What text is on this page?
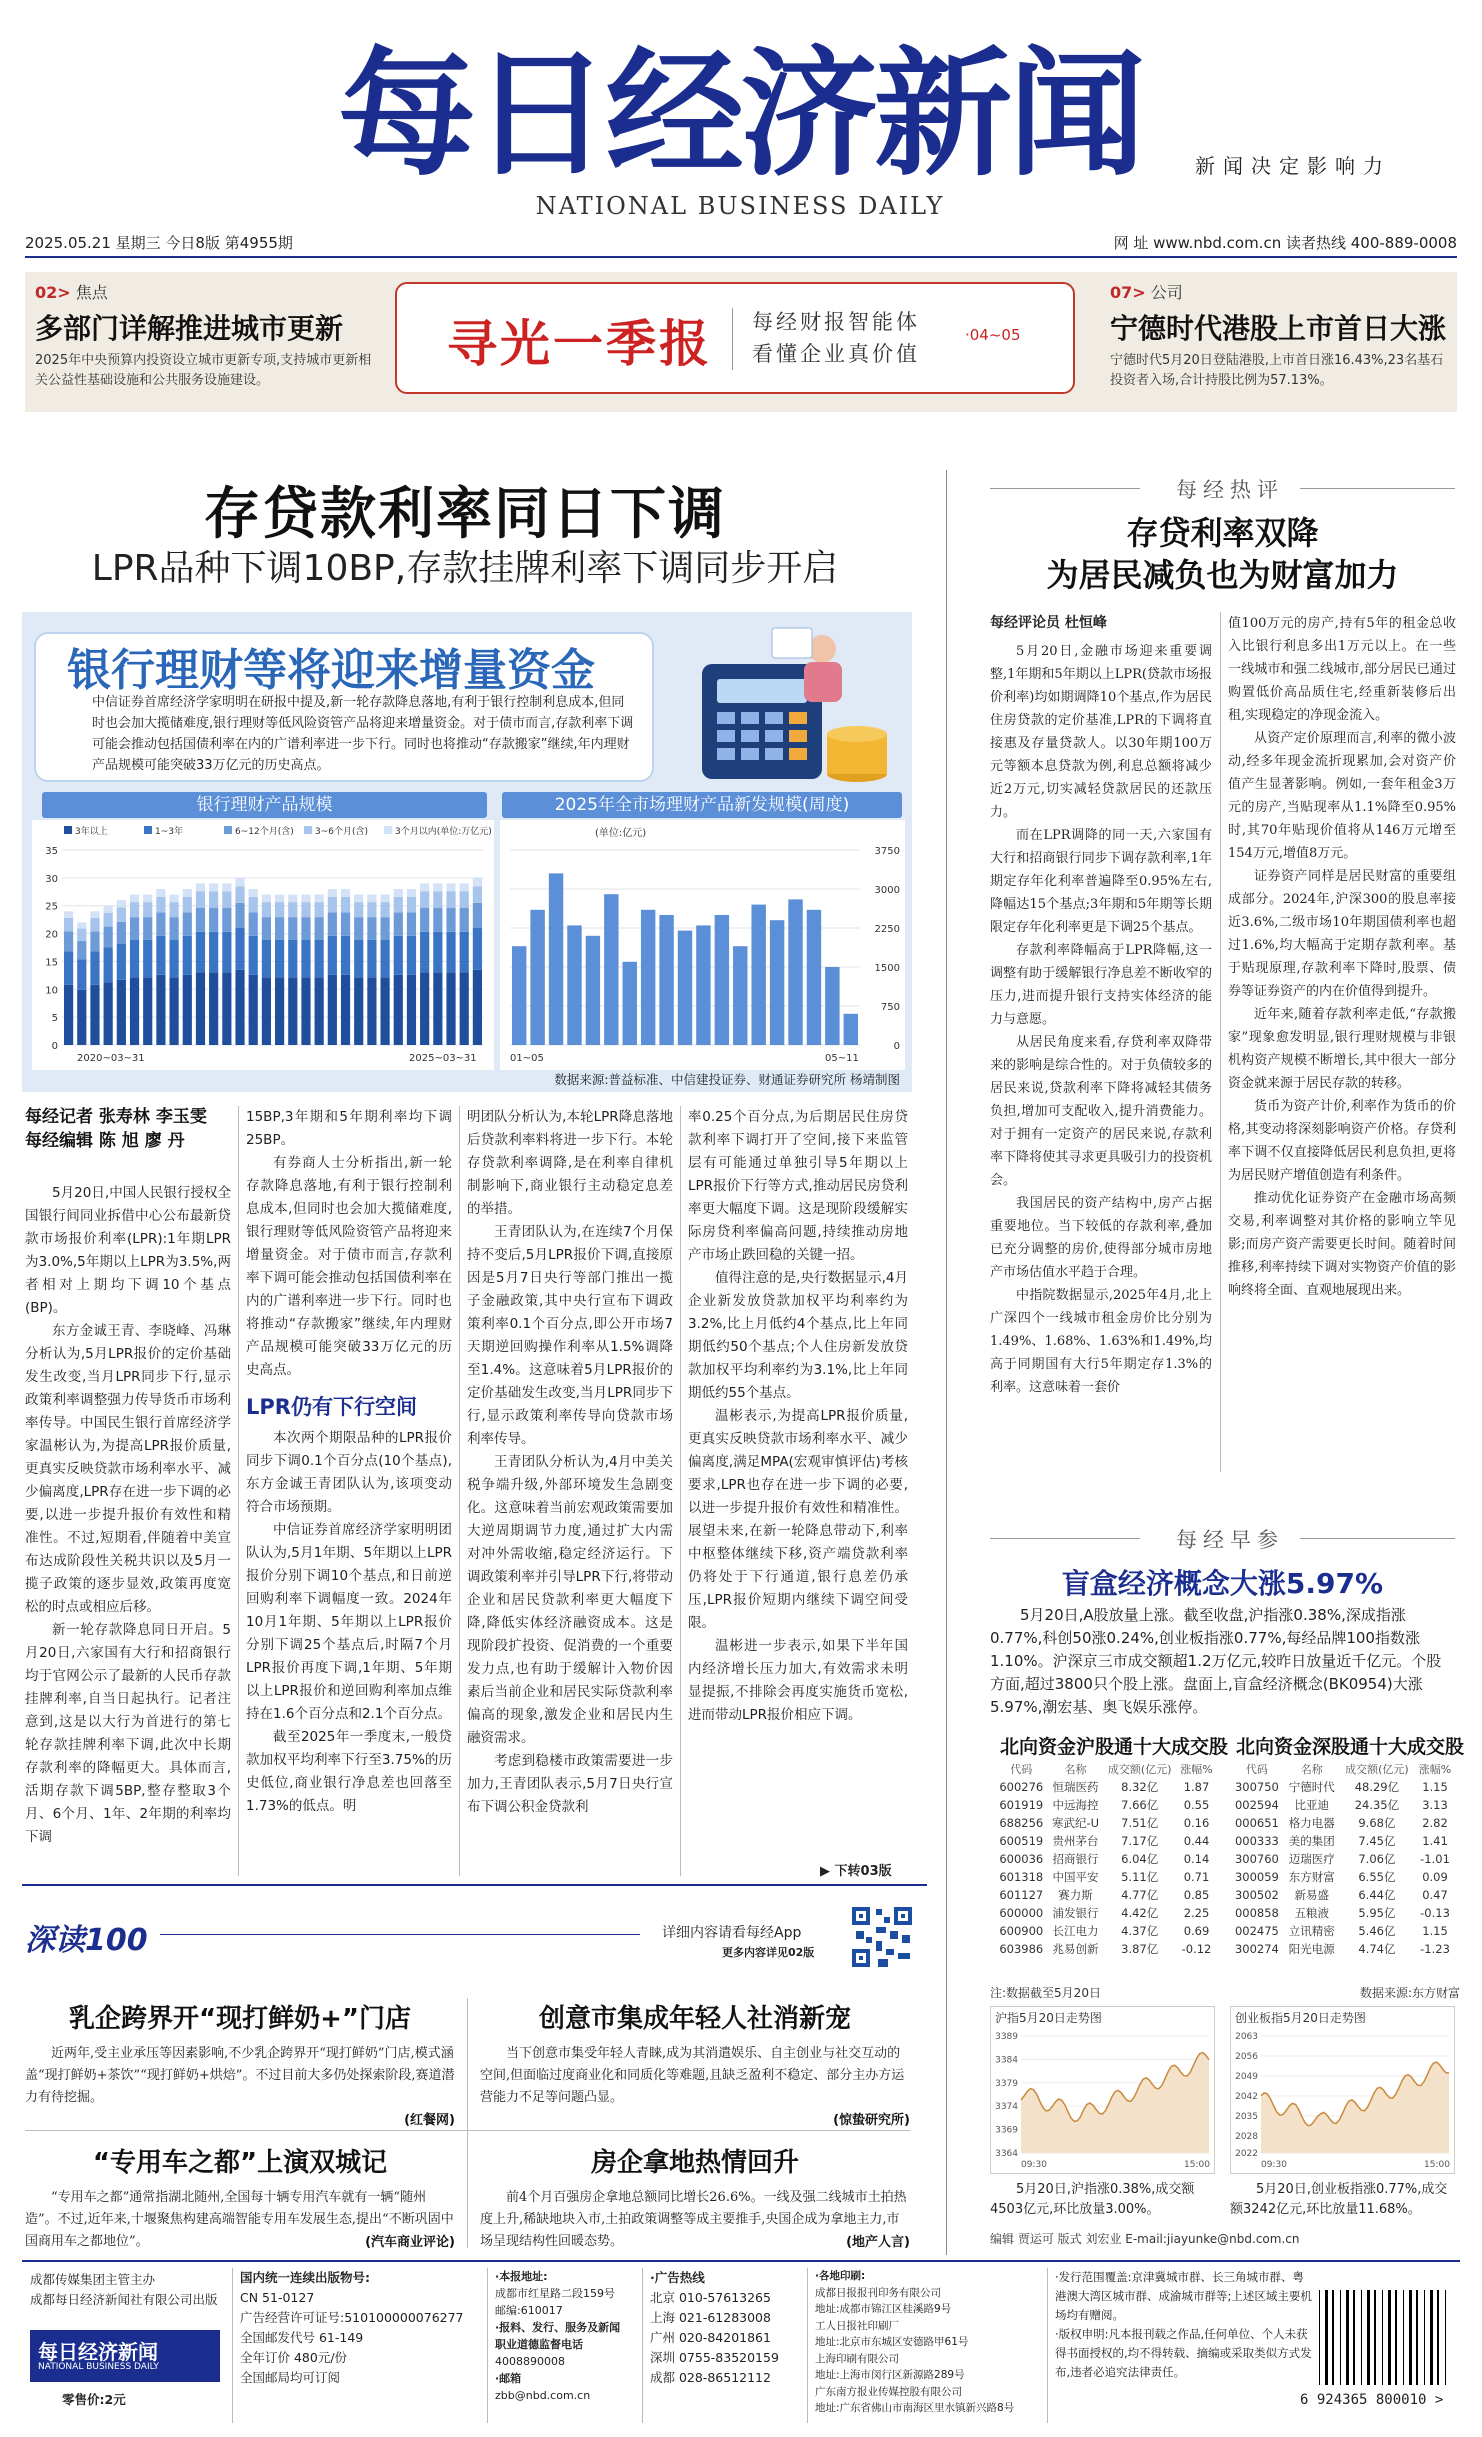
每日经济新闻
NATIONAL BUSINESS DAILY
新闻决定影响力
2025.05.21 星期三 今日8版 第4955期	网 址 www.nbd.com.cn 读者热线 400-889-0008
02> 焦点
多部门详解推进城市更新
2025年中央预算内投资设立城市更新专项,支持城市更新相关公益性基础设施和公共服务设施建设。
寻光一季报 每经财报智能体
看懂企业真价值
·04~05
07> 公司
宁德时代港股上市首日大涨
宁德时代5月20日登陆港股,上市首日涨16.43%,23名基石投资者入场,合计持股比例为57.13%。
存贷款利率同日下调
LPR品种下调10BP,存款挂牌利率下调同步开启
银行理财等将迎来增量资金
中信证券首席经济学家明明在研报中提及,新一轮存款降息落地,有利于银行控制利息成本,但同时也会加大揽储难度,银行理财等低风险资管产品将迎来增量资金。对于债市而言,存款利率下调可能会推动包括国债利率在内的广谱利率进一步下行。同时也将推动“存款搬家”继续,年内理财产品规模可能突破33万亿元的历史高点。
银行理财产品规模	2025年全市场理财产品新发规模(周度)
3年以上	1~3年	6~12个月(含) 3~6个月(含)	3个月以内(单位:万亿元)
0
5
10
15
20
25
30
35
2020~03~31	2025~03~31
(单位:亿元)
0
750
1500
2250
3000
3750
01~05	05~11
数据来源:普益标准、中信建投证券、财通证券研究所 杨靖制图
每经记者 张寿林 李玉雯
每经编辑 陈 旭 廖 丹

5月20日,中国人民银行授权全国银行间同业拆借中心公布最新贷款市场报价利率(LPR):1年期LPR为3.0%,5年期以上LPR为3.5%,两者相对上期均下调10个基点(BP)。

东方金诚王青、李晓峰、冯琳分析认为,5月LPR报价的定价基础发生改变,当月LPR同步下行,显示政策利率调整强力传导货币市场利率传导。中国民生银行首席经济学家温彬认为,为提高LPR报价质量,更真实反映贷款市场利率水平、减少偏离度,LPR存在进一步下调的必要,以进一步提升报价有效性和精准性。不过,短期看,伴随着中美宣布达成阶段性关税共识以及5月一揽子政策的逐步显效,政策再度宽松的时点或相应后移。

新一轮存款降息同日开启。5月20日,六家国有大行和招商银行均于官网公示了最新的人民币存款挂牌利率,自当日起执行。记者注意到,这是以大行为首进行的第七轮存款挂牌利率下调,此次中长期存款利率的降幅更大。具体而言,活期存款下调5BP,整存整取3个月、6个月、1年、2年期的利率均下调

15BP,3年期和5年期利率均下调25BP。

有券商人士分析指出,新一轮存款降息落地,有利于银行控制利息成本,但同时也会加大揽储难度,银行理财等低风险资管产品将迎来增量资金。对于债市而言,存款利率下调可能会推动包括国债利率在内的广谱利率进一步下行。同时也将推动“存款搬家”继续,年内理财产品规模可能突破33万亿元的历史高点。

LPR仍有下行空间

本次两个期限品种的LPR报价同步下调0.1个百分点(10个基点),东方金诚王青团队认为,该项变动符合市场预期。

中信证券首席经济学家明明团队认为,5月1年期、5年期以上LPR报价分别下调10个基点,和日前逆回购利率下调幅度一致。2024年10月1年期、5年期以上LPR报价分别下调25个基点后,时隔7个月LPR报价再度下调,1年期、5年期以上LPR报价和逆回购利率加点维持在1.6个百分点和2.1个百分点。

截至2025年一季度末,一般贷款加权平均利率下行至3.75%的历史低位,商业银行净息差也回落至1.73%的低点。明

明团队分析认为,本轮LPR降息落地后贷款利率料将进一步下行。本轮存贷款利率调降,是在利率自律机制影响下,商业银行主动稳定息差的举措。

王青团队认为,在连续7个月保持不变后,5月LPR报价下调,直接原因是5月7日央行等部门推出一揽子金融政策,其中央行宣布下调政策利率0.1个百分点,即公开市场7天期逆回购操作利率从1.5%调降至1.4%。这意味着5月LPR报价的定价基础发生改变,当月LPR同步下行,显示政策利率传导向贷款市场利率传导。

王青团队分析认为,4月中美关税争端升级,外部环境发生急剧变化。这意味着当前宏观政策需要加大逆周期调节力度,通过扩大内需对冲外需收缩,稳定经济运行。下调政策利率并引导LPR下行,将带动企业和居民贷款利率更大幅度下降,降低实体经济融资成本。这是现阶段扩投资、促消费的一个重要发力点,也有助于缓解计入物价因素后当前企业和居民实际贷款利率偏高的现象,激发企业和居民内生融资需求。

考虑到稳楼市政策需要进一步加力,王青团队表示,5月7日央行宣布下调公积金贷款利

率0.25个百分点,为后期居民住房贷款利率下调打开了空间,接下来监管层有可能通过单独引导5年期以上LPR报价下行等方式,推动居民房贷利率更大幅度下调。这是现阶段缓解实际房贷利率偏高问题,持续推动房地产市场止跌回稳的关键一招。

值得注意的是,央行数据显示,4月企业新发放贷款加权平均利率约为3.2%,比上月低约4个基点,比上年同期低约50个基点;个人住房新发放贷款加权平均利率约为3.1%,比上年同期低约55个基点。

温彬表示,为提高LPR报价质量,更真实反映贷款市场利率水平、减少偏离度,满足MPA(宏观审慎评估)考核要求,LPR也存在进一步下调的必要,以进一步提升报价有效性和精准性。展望未来,在新一轮降息带动下,利率中枢整体继续下移,资产端贷款利率仍将处于下行通道,银行息差仍承压,LPR报价短期内继续下调空间受限。

温彬进一步表示,如果下半年国内经济增长压力加大,有效需求未明显提振,不排除会再度实施货币宽松,进而带动LPR报价相应下调。

▶ 下转03版
每经热评
存贷利率双降
为居民减负也为财富加力
每经评论员 杜恒峰

5月20日,金融市场迎来重要调整,1年期和5年期以上LPR(贷款市场报价利率)均如期调降10个基点,作为居民住房贷款的定价基准,LPR的下调将直接惠及存量贷款人。以30年期100万元等额本息贷款为例,利息总额将减少近2万元,切实减轻贷款居民的还款压力。

而在LPR调降的同一天,六家国有大行和招商银行同步下调存款利率,1年期定存年化利率普遍降至0.95%左右,降幅达15个基点;3年期和5年期等长期限定存年化利率更是下调25个基点。

存款利率降幅高于LPR降幅,这一调整有助于缓解银行净息差不断收窄的压力,进而提升银行支持实体经济的能力与意愿。

从居民角度来看,存贷利率双降带来的影响是综合性的。对于负债较多的居民来说,贷款利率下降将减轻其债务负担,增加可支配收入,提升消费能力。对于拥有一定资产的居民来说,存款利率下降将使其寻求更具吸引力的投资机会。

我国居民的资产结构中,房产占据重要地位。当下较低的存款利率,叠加已充分调整的房价,使得部分城市房地产市场估值水平趋于合理。

中指院数据显示,2025年4月,北上广深四个一线城市租金房价比分别为1.49%、1.68%、1.63%和1.49%,均高于同期国有大行5年期定存1.3%的利率。这意味着一套价

值100万元的房产,持有5年的租金总收入比银行利息多出1万元以上。在一些一线城市和强二线城市,部分居民已通过购置低价高品质住宅,经重新装修后出租,实现稳定的净现金流入。

从资产定价原理而言,利率的微小波动,经多年现金流折现累加,会对资产价值产生显著影响。例如,一套年租金3万元的房产,当贴现率从1.1%降至0.95%时,其70年贴现价值将从146万元增至154万元,增值8万元。

证券资产同样是居民财富的重要组成部分。2024年,沪深300的股息率接近3.6%,二级市场10年期国债利率也超过1.6%,均大幅高于定期存款利率。基于贴现原理,存款利率下降时,股票、债券等证券资产的内在价值得到提升。

近年来,随着存款利率走低,“存款搬家”现象愈发明显,银行理财规模与非银机构资产规模不断增长,其中很大一部分资金就来源于居民存款的转移。

货币为资产计价,利率作为货币的价格,其变动将深刻影响资产价格。存贷利率下调不仅直接降低居民利息负担,更将为居民财产增值创造有利条件。

推动优化证券资产在金融市场高频交易,利率调整对其价格的影响立竿见影;而房产资产需要更长时间。随着时间推移,利率持续下调对实物资产价值的影响终将全面、直观地展现出来。

每经早参
盲盒经济概念大涨5.97%
5月20日,A股放量上涨。截至收盘,沪指涨0.38%,深成指涨0.77%,科创50涨0.24%,创业板指涨0.77%,每经品牌100指数涨1.10%。沪深京三市成交额超1.2万亿元,较昨日放量近千亿元。个股方面,超过3800只个股上涨。盘面上,盲盒经济概念(BK0954)大涨5.97%,潮宏基、奥飞娱乐涨停。
北向资金沪股通十大成交股 北向资金深股通十大成交股
代码	名称	成交额(亿元)	涨幅%
600276	恒瑞医药	8.32亿	1.87
601919	中远海控	7.66亿	0.55
688256	寒武纪-U	7.51亿	0.16
600519	贵州茅台	7.17亿	0.44
600036	招商银行	6.04亿	0.14
601318	中国平安	5.11亿	0.71
601127	赛力斯	4.77亿	0.85
600000	浦发银行	4.42亿	2.25
600900	长江电力	4.37亿	0.69
603986	兆易创新	3.87亿	-0.12
代码	名称	成交额(亿元)	涨幅%
300750	宁德时代	48.29亿	1.15
002594	比亚迪	24.35亿	3.13
000651	格力电器	9.68亿	2.82
000333	美的集团	7.45亿	1.41
300760	迈瑞医疗	7.06亿	-1.01
300059	东方财富	6.55亿	0.09
300502	新易盛	6.44亿	0.47
000858	五粮液	5.95亿	-0.13
002475	立讯精密	5.46亿	1.15
300274	阳光电源	4.74亿	-1.23
注:数据截至5月20日	数据来源:东方财富
沪指5月20日走势图
3389
3384
3379
3374
3369
3364
09:30	15:00
创业板指5月20日走势图
2063
2056
2049
2042
2035
2028
2022
09:30	15:00
5月20日,沪指涨0.38%,成交额4503亿元,环比放量3.00%。
5月20日,创业板指涨0.77%,成交额3242亿元,环比放量11.68%。
编辑 贾运可 版式 刘宏业 E-mail:jiayunke@nbd.com.cn
深读100	详细内容请看每经App
更多内容详见02版
乳企跨界开“现打鲜奶+”门店
近两年,受主业承压等因素影响,不少乳企跨界开“现打鲜奶”门店,模式涵盖“现打鲜奶+茶饮”“现打鲜奶+烘焙”。不过目前大多仍处探索阶段,赛道潜力有待挖掘。
(红餐网)
创意市集成年轻人社消新宠
当下创意市集受年轻人青睐,成为其消遣娱乐、自主创业与社交互动的空间,但面临过度商业化和同质化等难题,且缺乏盈利不稳定、部分主办方运营能力不足等问题凸显。
(惊蛰研究所)
“专用车之都”上演双城记
“专用车之都”通常指湖北随州,全国每十辆专用汽车就有一辆“随州造”。不过,近年来,十堰聚焦构建高端智能专用车发展生态,提出“不断巩固中国商用车之都地位”。	(汽车商业评论)
房企拿地热情回升
前4个月百强房企拿地总额同比增长26.6%。一线及强二线城市土拍热度上升,稀缺地块入市,土拍政策调整等成主要推手,央国企成为拿地主力,市场呈现结构性回暖态势。	(地产人言)
成都传媒集团主管主办
成都每日经济新闻社有限公司出版
每日经济新闻
NATIONAL BUSINESS DAILY
零售价:2元
国内统一连续出版物号:
CN 51-0127
广告经营许可证号:510100000076277
全国邮发代号 61-149
全年订价 480元/份
全国邮局均可订阅
·本报地址:
成都市红星路二段159号
邮编:610017
·报料、发行、服务及新闻
职业道德监督电话
4008890008
·邮箱
zbb@nbd.com.cn
·广告热线
北京 010-57613265
上海 021-61283008
广州 020-84201861
深圳 0755-83520159
成都 028-86512112
·各地印刷:
成都日报报刊印务有限公司
地址:成都市锦江区桂溪路9号
工人日报社印刷厂
地址:北京市东城区安德路甲61号
上海印刷有限公司
地址:上海市闵行区新源路289号
广东南方报业传媒控股有限公司
地址:广东省佛山市南海区里水镇新兴路8号
·发行范围覆盖:京津冀城市群、长三角城市群、粤港澳大湾区城市群、成渝城市群等;上述区域主要机场均有赠阅。
·版权申明:凡本报刊载之作品,任何单位、个人未获得书面授权的,均不得转载、摘编或采取类似方式发布,违者必追究法律责任。
6 924365 800010 >
